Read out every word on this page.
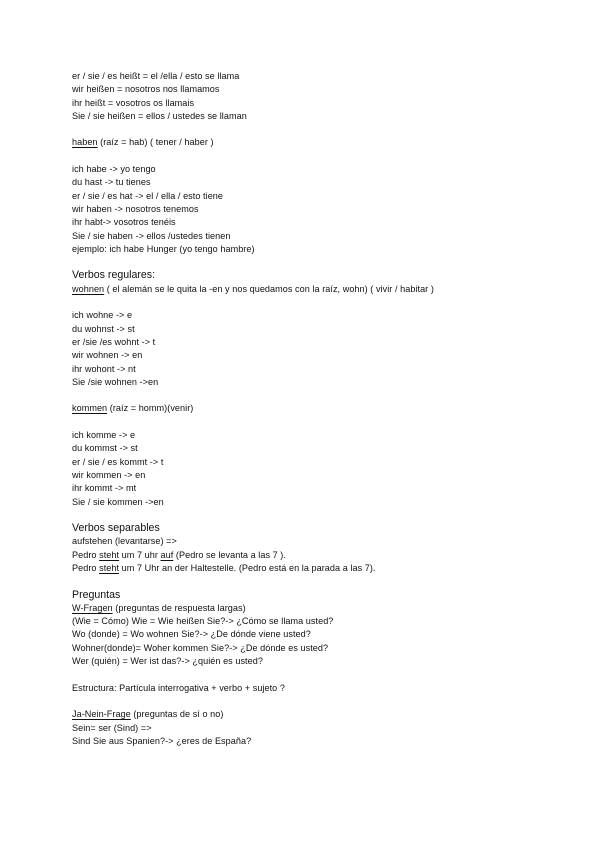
er / sie / es heißt = el /ella / esto se llama
wir heißen = nosotros nos llamamos
ihr heißt = vosotros os llamais
Sie / sie heißen = ellos / ustedes se llaman
haben (raíz = hab) ( tener / haber )
ich habe -> yo tengo
du hast -> tu tienes
er / sie / es hat -> el / ella / esto tiene
wir haben -> nosotros tenemos
ihr habt-> vosotros tenéis
Sie / sie haben -> ellos /ustedes tienen
ejemplo: ich habe Hunger (yo tengo hambre)
Verbos regulares:
wohnen ( el alemán se le quita la -en y nos quedamos con la raíz, wohn) ( vivir / habitar )
ich wohne -> e
du wohnst -> st
er /sie /es wohnt -> t
wir wohnen -> en
ihr wohont -> nt
Sie /sie wohnen ->en
kommen (raíz = homm)(venir)
ich komme -> e
du kommst -> st
er / sie / es kommt -> t
wir kommen -> en
ihr kommt -> mt
Sie / sie kommen ->en
Verbos separables
aufstehen (levantarse) =>
Pedro steht um 7 uhr auf (Pedro se levanta a las 7 ).
Pedro steht um 7 Uhr an der Haltestelle. (Pedro está en la parada a las 7).
Preguntas
W-Fragen (preguntas de respuesta largas)
(Wie = Cómo) Wie = Wie heißen Sie?-> ¿Cómo se llama usted?
Wo (donde) = Wo wohnen Sie?-> ¿De dónde viene usted?
Wohner(donde)= Woher kommen Sie?-> ¿De dónde es usted?
Wer (quién) = Wer ist das?-> ¿quién es usted?
Estructura: Partícula interrogativa + verbo + sujeto ?
Ja-Nein-Frage (preguntas de sí o no)
Sein= ser (Sind) =>
Sind Sie aus Spanien?-> ¿eres de España?
